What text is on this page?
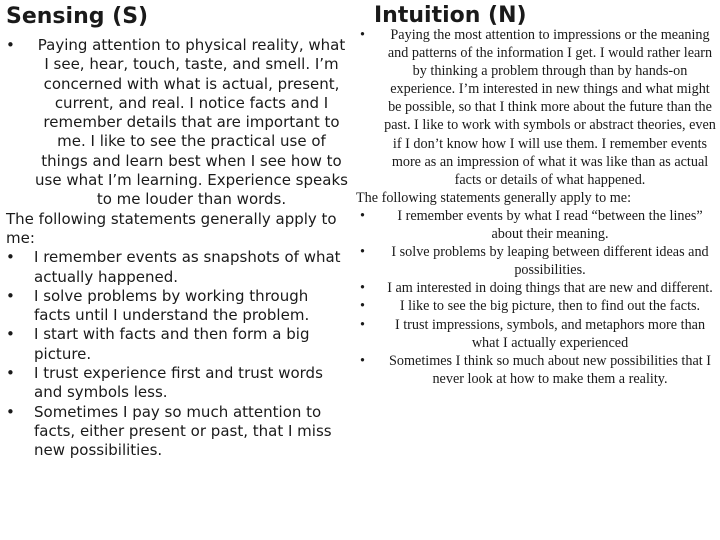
Sensing (S)
• Paying attention to physical reality, what I see, hear, touch, taste, and smell. I’m concerned with what is actual, present, current, and real. I notice facts and I remember details that are important to me. I like to see the practical use of things and learn best when I see how to use what I’m learning. Experience speaks to me louder than words.
The following statements generally apply to me:
• I remember events as snapshots of what actually happened.
• I solve problems by working through facts until I understand the problem.
• I start with facts and then form a big picture.
• I trust experience first and trust words and symbols less.
• Sometimes I pay so much attention to facts, either present or past, that I miss new possibilities.
Intuition (N)
• Paying the most attention to impressions or the meaning and patterns of the information I get. I would rather learn by thinking a problem through than by hands-on experience. I’m interested in new things and what might be possible, so that I think more about the future than the past. I like to work with symbols or abstract theories, even if I don’t know how I will use them. I remember events more as an impression of what it was like than as actual facts or details of what happened.
The following statements generally apply to me:
• I remember events by what I read “between the lines” about their meaning.
• I solve problems by leaping between different ideas and possibilities.
• I am interested in doing things that are new and different.
• I like to see the big picture, then to find out the facts.
• I trust impressions, symbols, and metaphors more than what I actually experienced
• Sometimes I think so much about new possibilities that I never look at how to make them a reality.
